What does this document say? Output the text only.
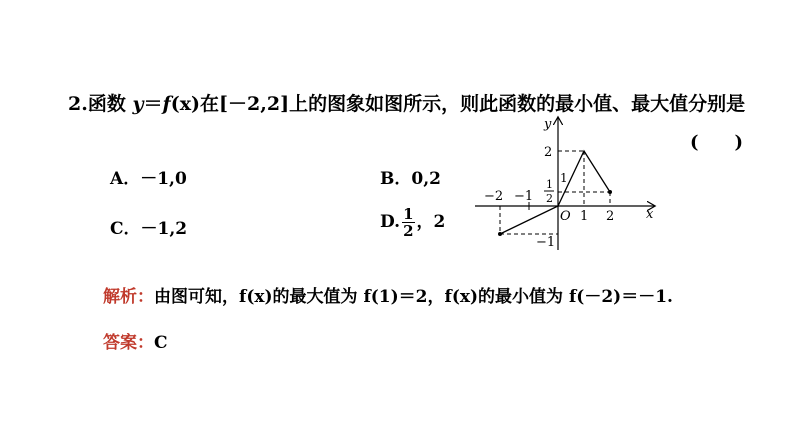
2.函数 y＝f(x)在[－2,2]上的图象如图所示，则此函数的最小值、最大值分别是
(　　)
A．－1,0	B．0,2
C．－1,2	D. $\frac{1}{2}$ ，2	x
y
O
−2 −1
1 2
2
1
1
2
−1
解析：由图可知，f(x)的最大值为 f(1)＝2，f(x)的最小值为 f(－2)＝－1.
答案：C
